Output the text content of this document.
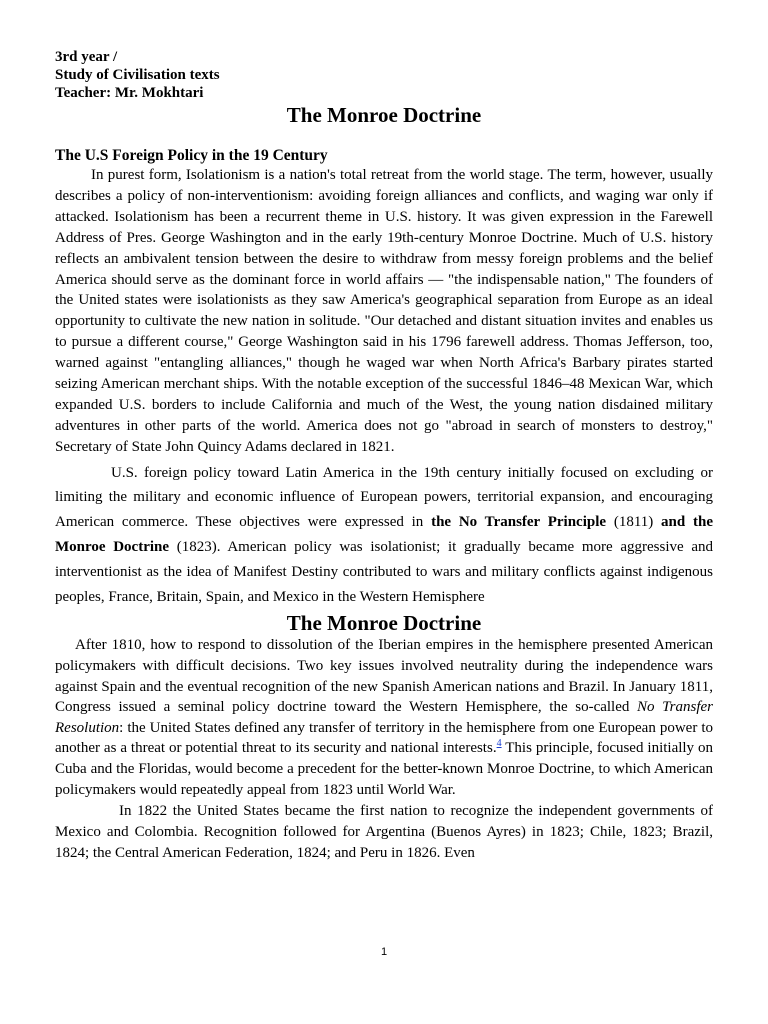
3rd year /
Study of Civilisation texts
Teacher: Mr. Mokhtari
The Monroe Doctrine
The U.S Foreign Policy in the 19 Century

In purest form, Isolationism is a nation's total retreat from the world stage. The term, however, usually describes a policy of non-interventionism: avoiding foreign alliances and conflicts, and waging war only if attacked. Isolationism has been a recurrent theme in U.S. history. It was given expression in the Farewell Address of Pres. George Washington and in the early 19th-century Monroe Doctrine. Much of U.S. history reflects an ambivalent tension between the desire to withdraw from messy foreign problems and the belief America should serve as the dominant force in world affairs — "the indispensable nation," The founders of the United states were isolationists as they saw America's geographical separation from Europe as an ideal opportunity to cultivate the new nation in solitude. "Our detached and distant situation invites and enables us to pursue a different course," George Washington said in his 1796 farewell address. Thomas Jefferson, too, warned against "entangling alliances," though he waged war when North Africa's Barbary pirates started seizing American merchant ships. With the notable exception of the successful 1846–48 Mexican War, which expanded U.S. borders to include California and much of the West, the young nation disdained military adventures in other parts of the world. America does not go "abroad in search of monsters to destroy," Secretary of State John Quincy Adams declared in 1821.

U.S. foreign policy toward Latin America in the 19th century initially focused on excluding or limiting the military and economic influence of European powers, territorial expansion, and encouraging American commerce. These objectives were expressed in the No Transfer Principle (1811) and the Monroe Doctrine (1823). American policy was isolationist; it gradually became more aggressive and interventionist as the idea of Manifest Destiny contributed to wars and military conflicts against indigenous peoples, France, Britain, Spain, and Mexico in the Western Hemisphere

The Monroe Doctrine

After 1810, how to respond to dissolution of the Iberian empires in the hemisphere presented American policymakers with difficult decisions. Two key issues involved neutrality during the independence wars against Spain and the eventual recognition of the new Spanish American nations and Brazil. In January 1811, Congress issued a seminal policy doctrine toward the Western Hemisphere, the so-called No Transfer Resolution: the United States defined any transfer of territory in the hemisphere from one European power to another as a threat or potential threat to its security and national interests.$^4$ This principle, focused initially on Cuba and the Floridas, would become a precedent for the better-known Monroe Doctrine, to which American policymakers would repeatedly appeal from 1823 until World War.

In 1822 the United States became the first nation to recognize the independent governments of Mexico and Colombia. Recognition followed for Argentina (Buenos Ayres) in 1823; Chile, 1823; Brazil, 1824; the Central American Federation, 1824; and Peru in 1826. Even

1
